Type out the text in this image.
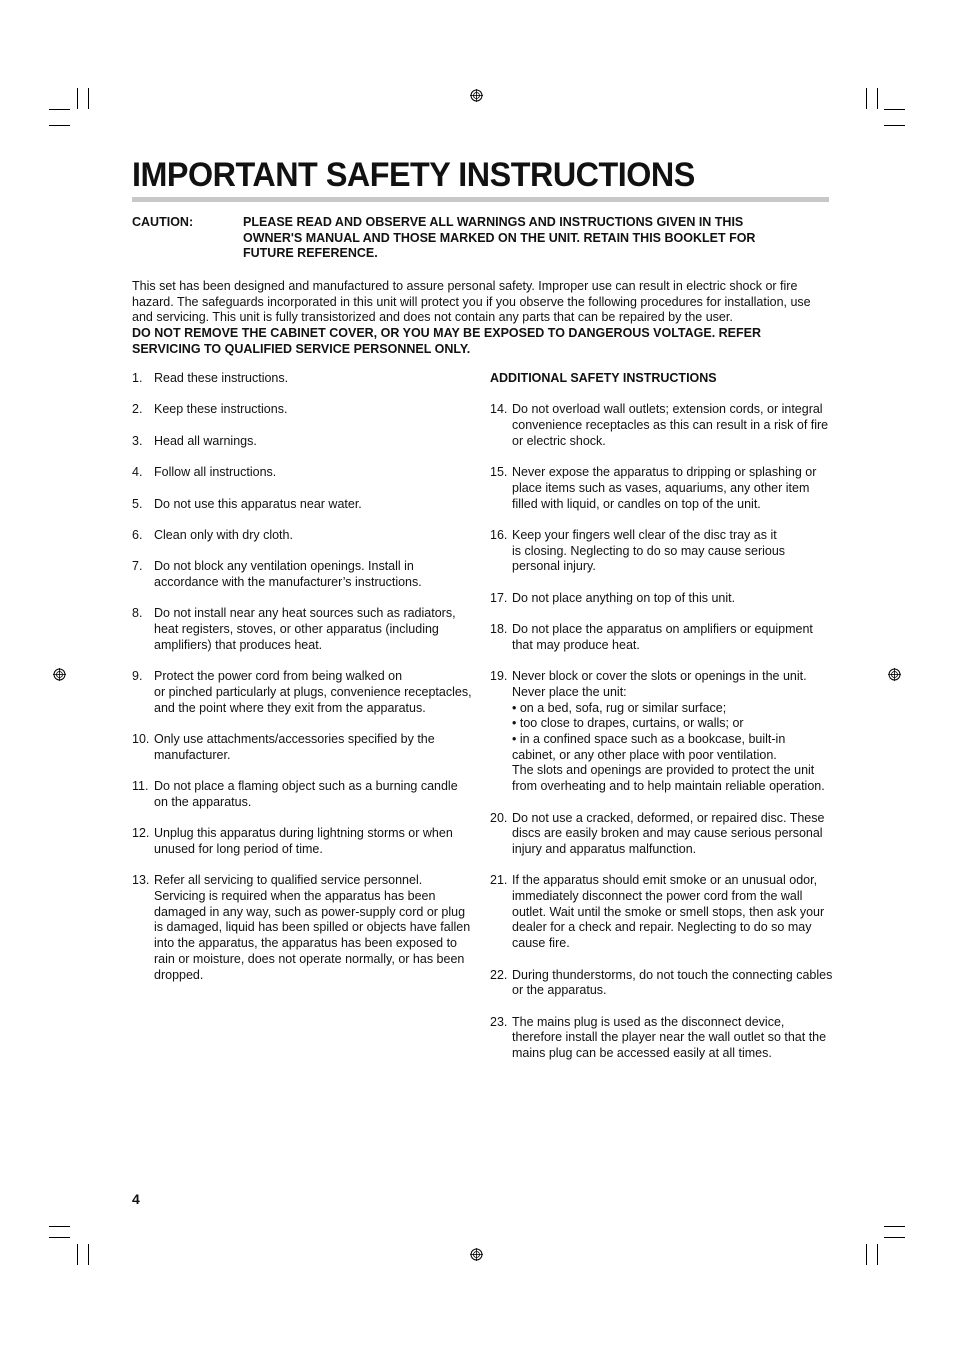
IMPORTANT SAFETY INSTRUCTIONS
CAUTION:	PLEASE READ AND OBSERVE ALL WARNINGS AND INSTRUCTIONS GIVEN IN THIS OWNER'S MANUAL AND THOSE MARKED ON THE UNIT. RETAIN THIS BOOKLET FOR FUTURE REFERENCE.
This set has been designed and manufactured to assure personal safety. Improper use can result in electric shock or fire hazard. The safeguards incorporated in this unit will protect you if you observe the following procedures for installation, use and servicing. This unit is fully transistorized and does not contain any parts that can be repaired by the user.
DO NOT REMOVE THE CABINET COVER, OR YOU MAY BE EXPOSED TO DANGEROUS VOLTAGE. REFER SERVICING TO QUALIFIED SERVICE PERSONNEL ONLY.
1. Read these instructions.
2. Keep these instructions.
3. Head all warnings.
4. Follow all instructions.
5. Do not use this apparatus near water.
6. Clean only with dry cloth.
7. Do not block any ventilation openings. Install in accordance with the manufacturer’s instructions.
8. Do not install near any heat sources such as radiators, heat registers, stoves, or other apparatus (including amplifiers) that produces heat.
9. Protect the power cord from being walked on
or pinched particularly at plugs, convenience receptacles, and the point where they exit from the apparatus.
10. Only use attachments/accessories specified by the manufacturer.
11. Do not place a flaming object such as a burning candle on the apparatus.
12. Unplug this apparatus during lightning storms or when unused for long period of time.
13. Refer all servicing to qualified service personnel. Servicing is required when the apparatus has been damaged in any way, such as power-supply cord or plug is damaged, liquid has been spilled or objects have fallen into the apparatus, the apparatus has been exposed to rain or moisture, does not operate normally, or has been dropped.
ADDITIONAL SAFETY INSTRUCTIONS
14. Do not overload wall outlets; extension cords, or integral convenience receptacles as this can result in a risk of fire or electric shock.
15. Never expose the apparatus to dripping or splashing or place items such as vases, aquariums, any other item filled with liquid, or candles on top of the unit.
16. Keep your fingers well clear of the disc tray as it
is closing. Neglecting to do so may cause serious personal injury.
17. Do not place anything on top of this unit.
18. Do not place the apparatus on amplifiers or equipment that may produce heat.
19. Never block or cover the slots or openings in the unit.
Never place the unit:
• on a bed, sofa, rug or similar surface;
• too close to drapes, curtains, or walls; or
• in a confined space such as a bookcase, built-in
cabinet, or any other place with poor ventilation.
The slots and openings are provided to protect the unit from overheating and to help maintain reliable operation.
20. Do not use a cracked, deformed, or repaired disc. These discs are easily broken and may cause serious personal injury and apparatus malfunction.
21. If the apparatus should emit smoke or an unusual odor, immediately disconnect the power cord from the wall outlet. Wait until the smoke or smell stops, then ask your dealer for a check and repair. Neglecting to do so may cause fire.
22. During thunderstorms, do not touch the connecting cables or the apparatus.
23. The mains plug is used as the disconnect device, therefore install the player near the wall outlet so that the mains plug can be accessed easily at all times.
4
